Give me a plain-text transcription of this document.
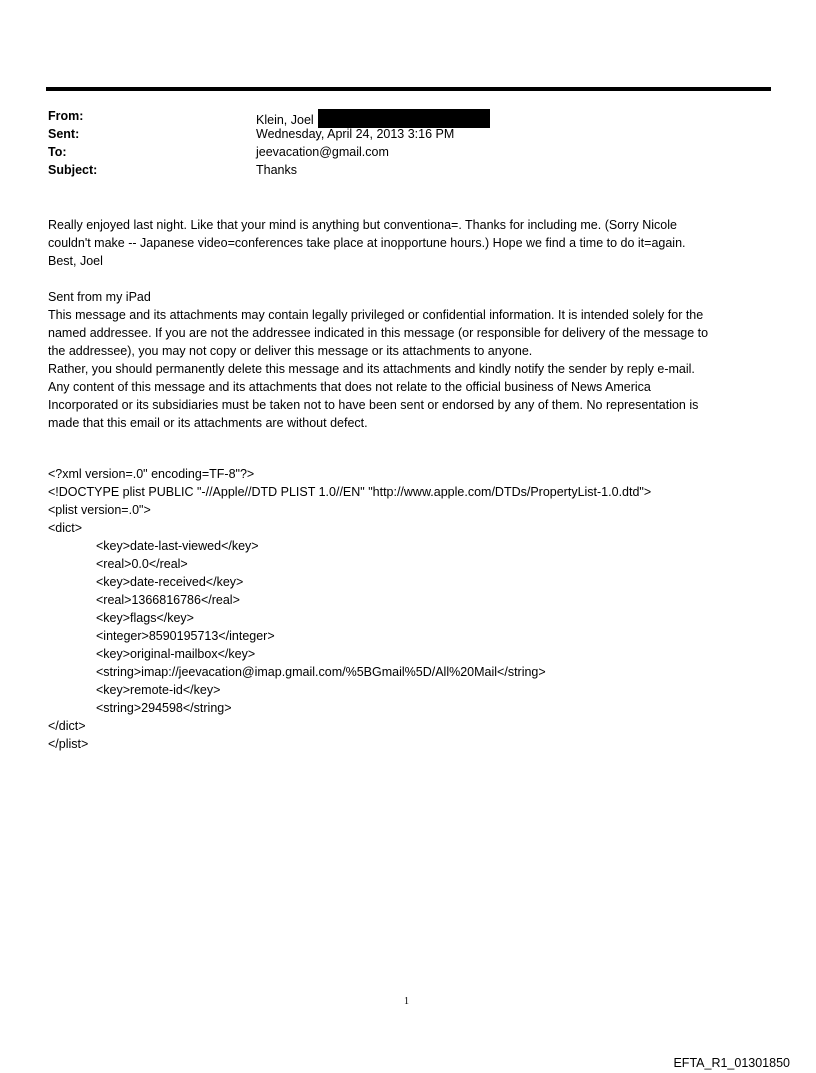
From:	Klein, Joel
Sent:	Wednesday, April 24, 2013 3:16 PM
To:	jeevacation@gmail.com
Subject:	Thanks
Really enjoyed last night. Like that your mind is anything but conventiona=. Thanks for including me. (Sorry Nicole
couldn't make -- Japanese video=conferences take place at inopportune hours.) Hope we find a time to do it=again.
Best, Joel
Sent from my iPad
This message and its attachments may contain legally privileged or confidential information. It is intended solely for the
named addressee. If you are not the addressee indicated in this message (or responsible for delivery of the message to
the addressee), you may not copy or deliver this message or its attachments to anyone.
Rather, you should permanently delete this message and its attachments and kindly notify the sender by reply e-mail.
Any content of this message and its attachments that does not relate to the official business of News America
Incorporated or its subsidiaries must be taken not to have been sent or endorsed by any of them. No representation is
made that this email or its attachments are without defect.
<?xml version=.0" encoding=TF-8"?>
<!DOCTYPE plist PUBLIC "-//Apple//DTD PLIST 1.0//EN" "http://www.apple.com/DTDs/PropertyList-1.0.dtd">
<plist version=.0">
<dict>
<key>date-last-viewed</key>
<real>0.0</real>
<key>date-received</key>
<real>1366816786</real>
<key>flags</key>
<integer>8590195713</integer>
<key>original-mailbox</key>
<string>imap://jeevacation@imap.gmail.com/%5BGmail%5D/All%20Mail</string>
<key>remote-id</key>
<string>294598</string>
</dict>
</plist>
1
EFTA_R1_01301850
